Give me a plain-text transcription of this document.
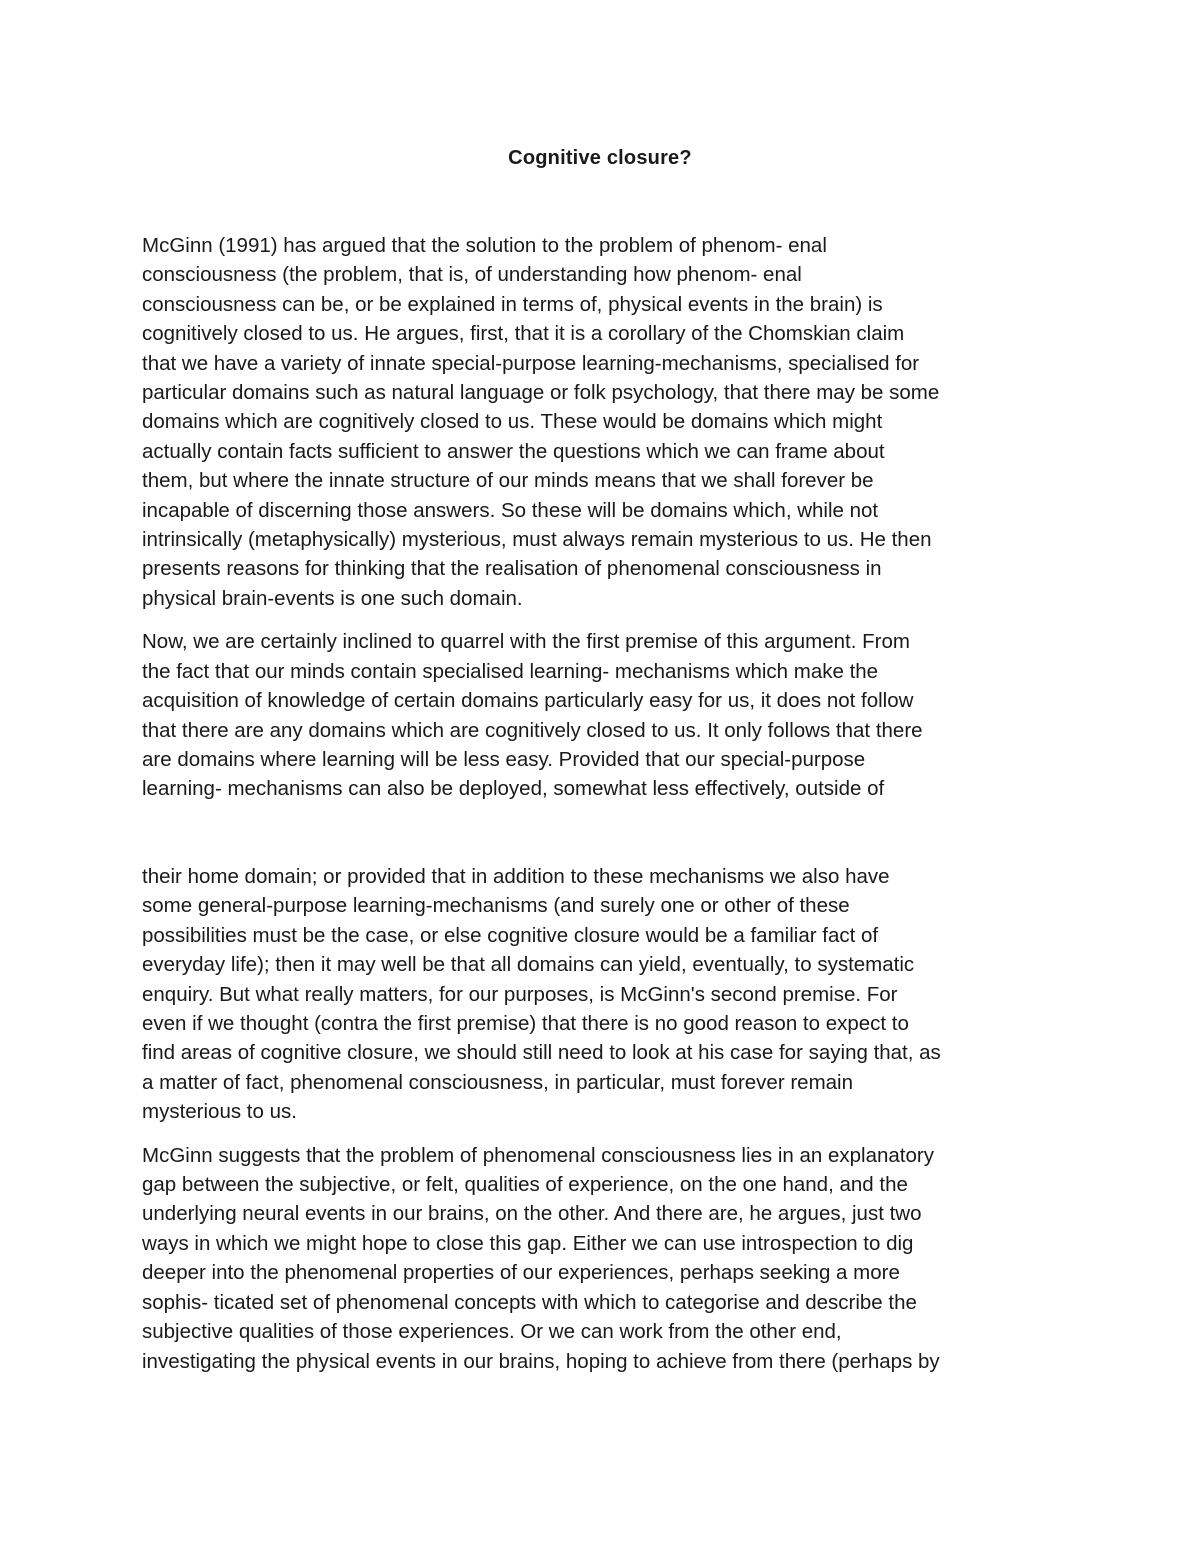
Cognitive closure?
McGinn (1991) has argued that the solution to the problem of phenom- enal
consciousness (the problem, that is, of understanding how phenom- enal
consciousness can be, or be explained in terms of, physical events in the brain) is
cognitively closed to us. He argues, first, that it is a corollary of the Chomskian claim
that we have a variety of innate special-purpose learning-mechanisms, specialised for
particular domains such as natural language or folk psychology, that there may be some
domains which are cognitively closed to us. These would be domains which might
actually contain facts sufficient to answer the questions which we can frame about
them, but where the innate structure of our minds means that we shall forever be
incapable of discerning those answers. So these will be domains which, while not
intrinsically (metaphysically) mysterious, must always remain mysterious to us. He then
presents reasons for thinking that the realisation of phenomenal consciousness in
physical brain-events is one such domain.
Now, we are certainly inclined to quarrel with the first premise of this argument. From
the fact that our minds contain specialised learning- mechanisms which make the
acquisition of knowledge of certain domains particularly easy for us, it does not follow
that there are any domains which are cognitively closed to us. It only follows that there
are domains where learning will be less easy. Provided that our special-purpose
learning- mechanisms can also be deployed, somewhat less effectively, outside of
their home domain; or provided that in addition to these mechanisms we also have
some general-purpose learning-mechanisms (and surely one or other of these
possibilities must be the case, or else cognitive closure would be a familiar fact of
everyday life); then it may well be that all domains can yield, eventually, to systematic
enquiry. But what really matters, for our purposes, is McGinn's second premise. For
even if we thought (contra the first premise) that there is no good reason to expect to
find areas of cognitive closure, we should still need to look at his case for saying that, as
a matter of fact, phenomenal consciousness, in particular, must forever remain
mysterious to us.
McGinn suggests that the problem of phenomenal consciousness lies in an explanatory
gap between the subjective, or felt, qualities of experience, on the one hand, and the
underlying neural events in our brains, on the other. And there are, he argues, just two
ways in which we might hope to close this gap. Either we can use introspection to dig
deeper into the phenomenal properties of our experiences, perhaps seeking a more
sophis- ticated set of phenomenal concepts with which to categorise and describe the
subjective qualities of those experiences. Or we can work from the other end,
investigating the physical events in our brains, hoping to achieve from there (perhaps by
